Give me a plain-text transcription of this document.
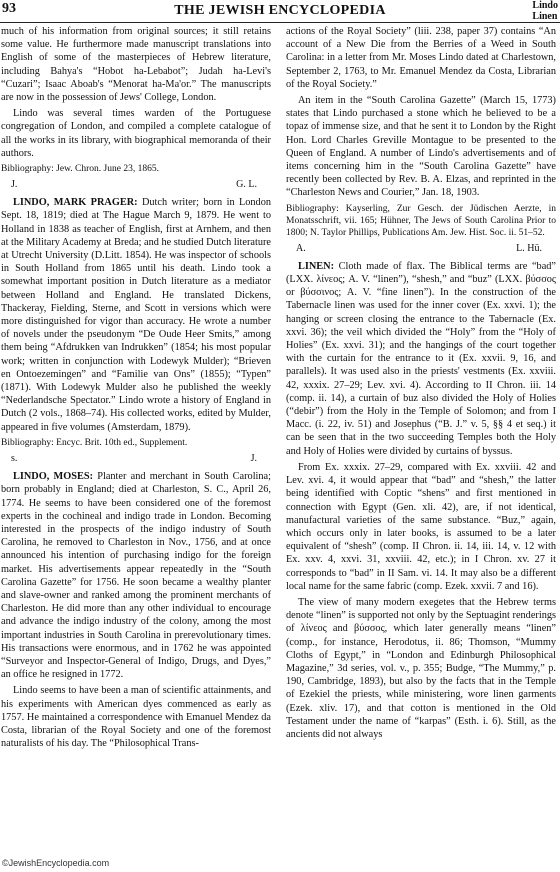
93	THE JEWISH ENCYCLOPEDIA	Lindo
Linen

much of his information from original sources; it still retains some value. He furthermore made manuscript translations into English of some of the masterpieces of Hebrew literature, including Bahya's “Hobot ha-Lebabot”; Judah ha-Levi's “Cuzari”; Isaac Aboab's “Menorat ha-Ma'or.” The manuscripts are now in the possession of Jews' College, London.

Lindo was several times warden of the Portuguese congregation of London, and compiled a complete catalogue of all the works in its library, with biographical memoranda of their authors.

Bibliography: Jew. Chron. June 23, 1865.

J.	G. L.

LINDO, MARK PRAGER: Dutch writer; born in London Sept. 18, 1819; died at The Hague March 9, 1879. He went to Holland in 1838 as teacher of English, first at Arnhem, and then at the Military Academy at Breda; and he studied Dutch literature at Utrecht University (D.Litt. 1854). He was inspector of schools in South Holland from 1865 until his death. Lindo took a somewhat important position in Dutch literature as a mediator between Holland and England. He translated Dickens, Thackeray, Fielding, Sterne, and Scott in versions which were more distinguished for vigor than accuracy. He wrote a number of novels under the pseudonym “De Oude Heer Smits,” among them being “Afdrukken van Indrukken” (1854; his most popular work; written in conjunction with Lodewyk Mulder); “Brieven en Ontoezemingen” and “Familie van Ons” (1855); “Typen” (1871). With Lodewyk Mulder also he published the weekly “Nederlandsche Spectator.” Lindo wrote a history of England in Dutch (2 vols., 1868–74). His collected works, edited by Mulder, appeared in five volumes (Amsterdam, 1879).

Bibliography: Encyc. Brit. 10th ed., Supplement.

s.	J.

LINDO, MOSES: Planter and merchant in South Carolina; born probably in England; died at Charleston, S. C., April 26, 1774. He seems to have been considered one of the foremost experts in the cochineal and indigo trade in London. Becoming interested in the prospects of the indigo industry of South Carolina, he removed to Charleston in Nov., 1756, and at once announced his intention of purchasing indigo for the foreign market. His advertisements appear repeatedly in the “South Carolina Gazette” for 1756. He soon became a wealthy planter and slave-owner and ranked among the prominent merchants of Charleston. He did more than any other individual to encourage and advance the indigo industry of the colony, among the most important industries in South Carolina in prerevolutionary times. His transactions were enormous, and in 1762 he was appointed “Surveyor and Inspector-General of Indigo, Drugs, and Dyes,” an office he resigned in 1772.

Lindo seems to have been a man of scientific attainments, and his experiments with American dyes commenced as early as 1757. He maintained a correspondence with Emanuel Mendez da Costa, librarian of the Royal Society and one of the foremost naturalists of his day. The “Philosophical Trans-

actions of the Royal Society” (liii. 238, paper 37) contains “An account of a New Die from the Berries of a Weed in South Carolina: in a letter from Mr. Moses Lindo dated at Charlestown, September 2, 1763, to Mr. Emanuel Mendez da Costa, Librarian of the Royal Society.”

An item in the “South Carolina Gazette” (March 15, 1773) states that Lindo purchased a stone which he believed to be a topaz of immense size, and that he sent it to London by the Right Hon. Lord Charles Greville Montague to be presented to the Queen of England. A number of Lindo's advertisements and of items concerning him in the “South Carolina Gazette” have recently been collected by Rev. B. A. Elzas, and reprinted in the “Charleston News and Courier,” Jan. 18, 1903.

Bibliography: Kayserling, Zur Gesch. der Jüdischen Aerzte, in Monatsschrift, vii. 165; Hühner, The Jews of South Carolina Prior to 1800; N. Taylor Phillips, Publications Am. Jew. Hist. Soc. ii. 51–52.

A.	L. Hü.

LINEN: Cloth made of flax. The Biblical terms are “bad” (LXX. λίνεος; A. V. “linen”), “shesh,” and “buz” (LXX. βύσσος or βύσσινος; A. V. “fine linen”). In the construction of the Tabernacle linen was used for the inner cover (Ex. xxvi. 1); the hanging or screen closing the entrance to the Tabernacle (Ex. xxvi. 36); the veil which divided the “Holy” from the “Holy of Holies” (Ex. xxvi. 31); and the hangings of the court together with the curtain for the entrance to it (Ex. xxvii. 9, 16, and parallels). It was used also in the priests' vestments (Ex. xxviii. 42, xxxix. 27–29; Lev. xvi. 4). According to II Chron. iii. 14 (comp. ii. 14), a curtain of buz also divided the Holy of Holies (“debir”) from the Holy in the Temple of Solomon; and from I Macc. (i. 22, iv. 51) and Josephus (“B. J.” v. 5, §§ 4 et seq.) it can be seen that in the two succeeding Temples both the Holy and Holy of Holies were divided by curtains of byssus.

From Ex. xxxix. 27–29, compared with Ex. xxviii. 42 and Lev. xvi. 4, it would appear that “bad” and “shesh,” the latter being identified with Coptic “shens” and first mentioned in connection with Egypt (Gen. xli. 42), are, if not identical, manufactural varieties of the same substance. “Buz,” again, which occurs only in later books, is assumed to be a later equivalent of “shesh” (comp. II Chron. ii. 14, iii. 14, v. 12 with Ex. xxv. 4, xxvi. 31, xxviii. 42, etc.); in I Chron. xv. 27 it corresponds to “bad” in II Sam. vi. 14. It may also be a different local name for the same fabric (comp. Ezek. xxvii. 7 and 16).

The view of many modern exegetes that the Hebrew terms denote “linen” is supported not only by the Septuagint renderings of λίνεος and βύσσος, which later generally means “linen” (comp., for instance, Herodotus, ii. 86; Thomson, “Mummy Cloths of Egypt,” in “London and Edinburgh Philosophical Magazine,” 3d series, vol. v., p. 355; Budge, “The Mummy,” p. 190, Cambridge, 1893), but also by the facts that in the Temple of Ezekiel the priests, while ministering, wore linen garments (Ezek. xliv. 17), and that cotton is mentioned in the Old Testament under the name of “karpas” (Esth. i. 6). Still, as the ancients did not always

©JewishEncyclopedia.com
